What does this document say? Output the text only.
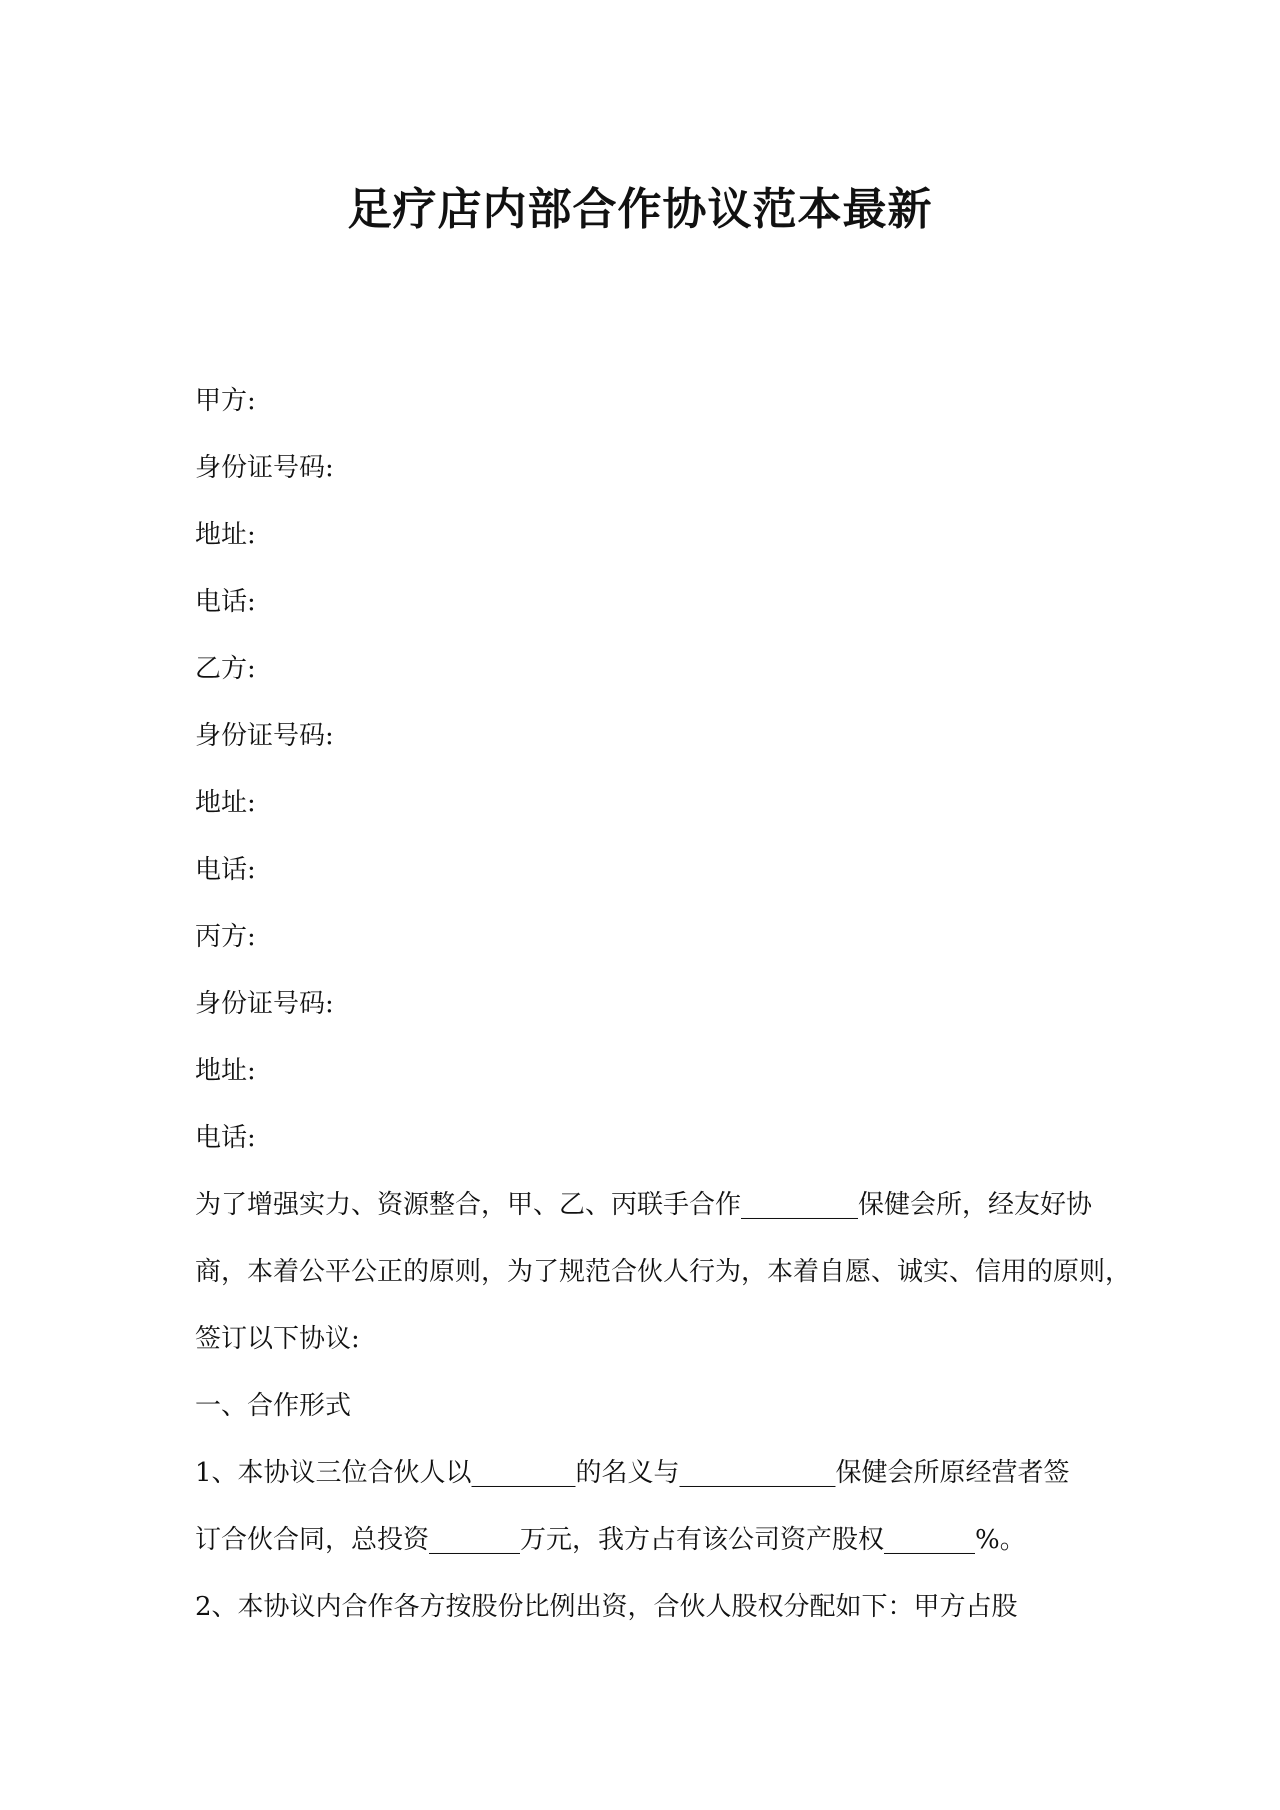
足疗店内部合作协议范本最新

甲方:

身份证号码:

地址:

电话:

乙方:

身份证号码:

地址:

电话:

丙方:

身份证号码:

地址:

电话:

为了增强实力、资源整合，甲、乙、丙联手合作_________保健会所，经友好协

商，本着公平公正的原则，为了规范合伙人行为，本着自愿、诚实、信用的原则，

签订以下协议:

一、合作形式

1、本协议三位合伙人以________的名义与____________保健会所原经营者签

订合伙合同，总投资_______万元，我方占有该公司资产股权_______%。

2、本协议内合作各方按股份比例出资，合伙人股权分配如下：甲方占股
